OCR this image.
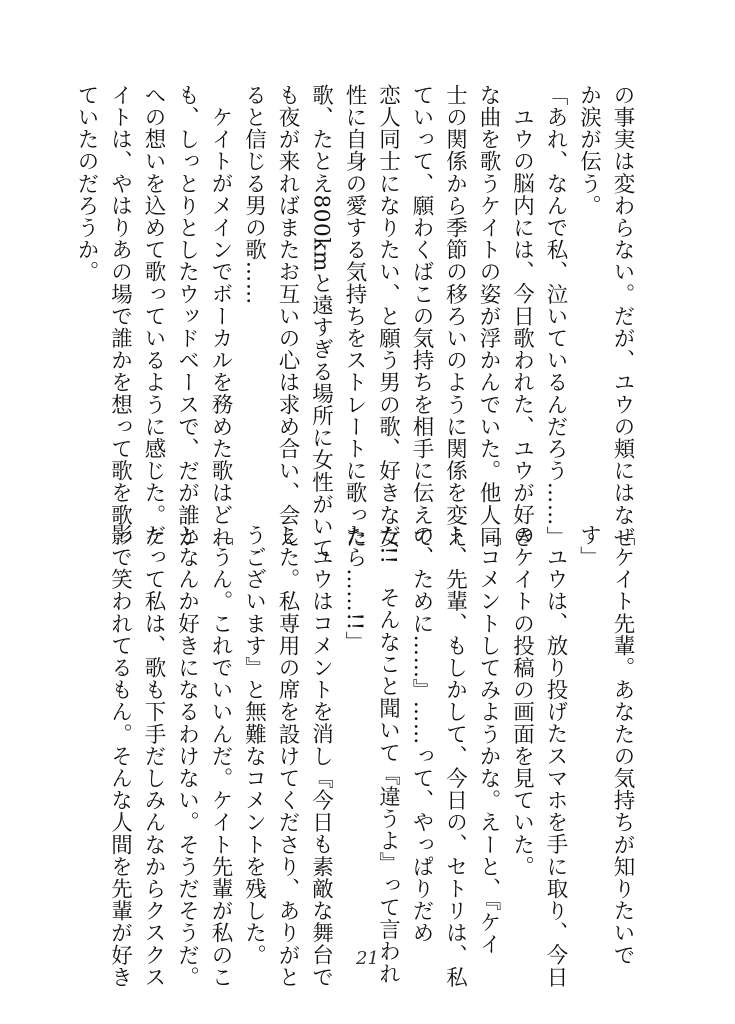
の事実は変わらない。だが、ユウの頬にはなぜ

か涙が伝う。

「あれ、なんで私、泣いているんだろう……」

ユウの脳内には、今日歌われた、ユウが好き

な曲を歌うケイトの姿が浮かんでいた。他人同

士の関係から季節の移ろいのように関係を変え

ていって、願わくばこの気持ちを相手に伝えて

恋人同士になりたい、と願う男の歌、好きな女

性に自身の愛する気持ちをストレートに歌った

歌、たとえ800kmと遠すぎる場所に女性がいて

も夜が来ればまたお互いの心は求め合い、会え

ると信じる男の歌……

ケイトがメインでボーカルを務めた歌はどれ

も、しっとりとしたウッドベースで、だが誰か

への想いを込めて歌っているように感じた。ケ

イトは、やはりあの場で誰かを想って歌を歌っ

ていたのだろうか。

「ケイト先輩。あなたの気持ちが知りたいで

す」

ユウは、放り投げたスマホを手に取り、今日

のケイトの投稿の画面を見ていた。

「コメントしてみようかな。えーと、『ケイ

ト、先輩、もしかして、今日の、セトリは、私

の、ために……』……って、やっぱりだめ

だ!!　そんなこと聞いて『違うよ』って言われ

たら……!!」

ユウはコメントを消し『今日も素敵な舞台で

した。私専用の席を設けてくださり、ありがと

うございます』と無難なコメントを残した。

「うん。これでいいんだ。ケイト先輩が私のこ

となんか好きになるわけない。そうだそうだ。

だって私は、歌も下手だしみんなからクスクス

影で笑われてるもん。そんな人間を先輩が好き	21
